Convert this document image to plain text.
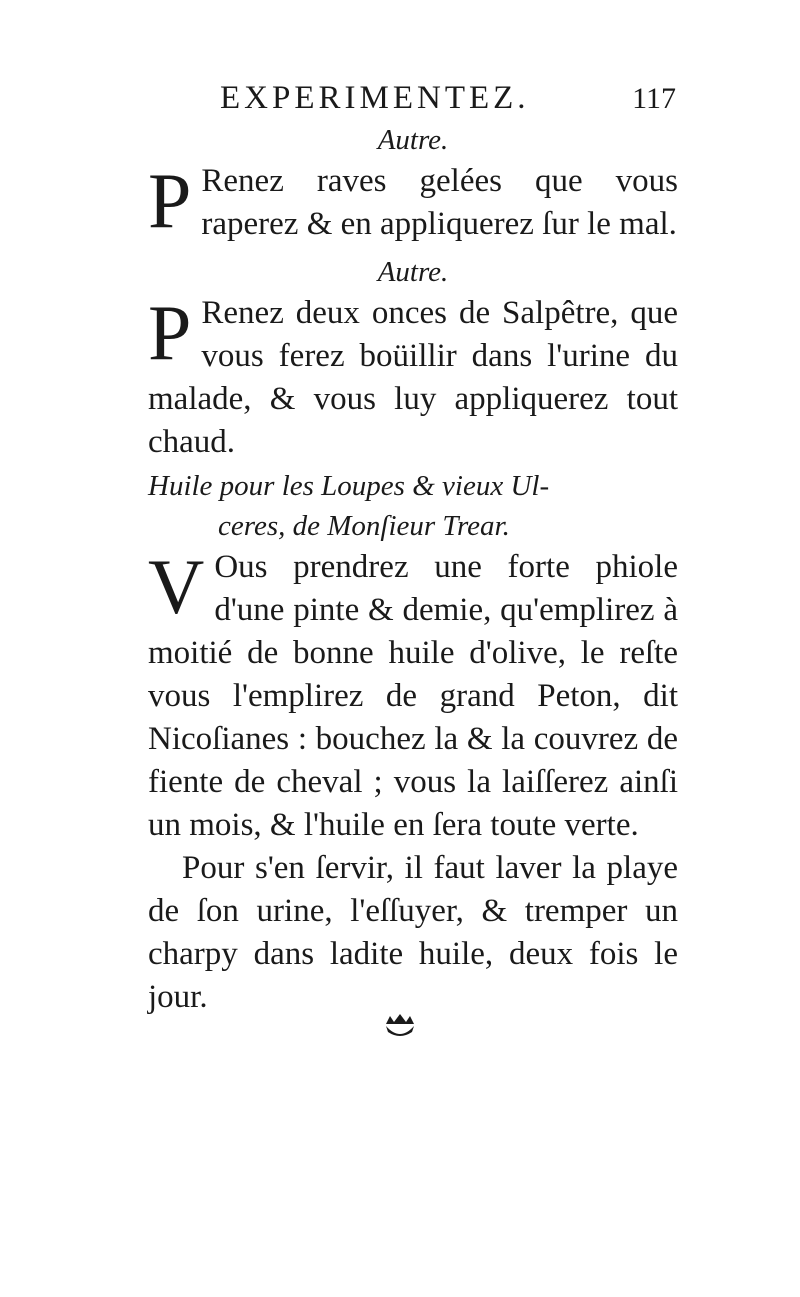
EXPERIMENTEZ.	117

Autre.

P Renez raves gelées que vous raperez & en appliquerez ſur le mal.

Autre.

P Renez deux onces de Salpêtre, que vous ferez boüillir dans l'urine du malade, & vous luy appliquerez tout chaud.

Huile pour les Loupes & vieux Ul-
ceres, de Monſieur Trear.

V Ous prendrez une forte phiole d'une pinte & demie, qu'emplirez à moitié de bonne huile d'olive, le reſte vous l'emplirez de grand Peton, dit Nicoſianes : bouchez la & la couvrez de fiente de cheval ; vous la laiſſerez ainſi un mois, & l'huile en ſera toute verte.

Pour s'en ſervir, il faut laver la playe de ſon urine, l'eſſuyer, & tremper un charpy dans ladite huile, deux fois le jour.
